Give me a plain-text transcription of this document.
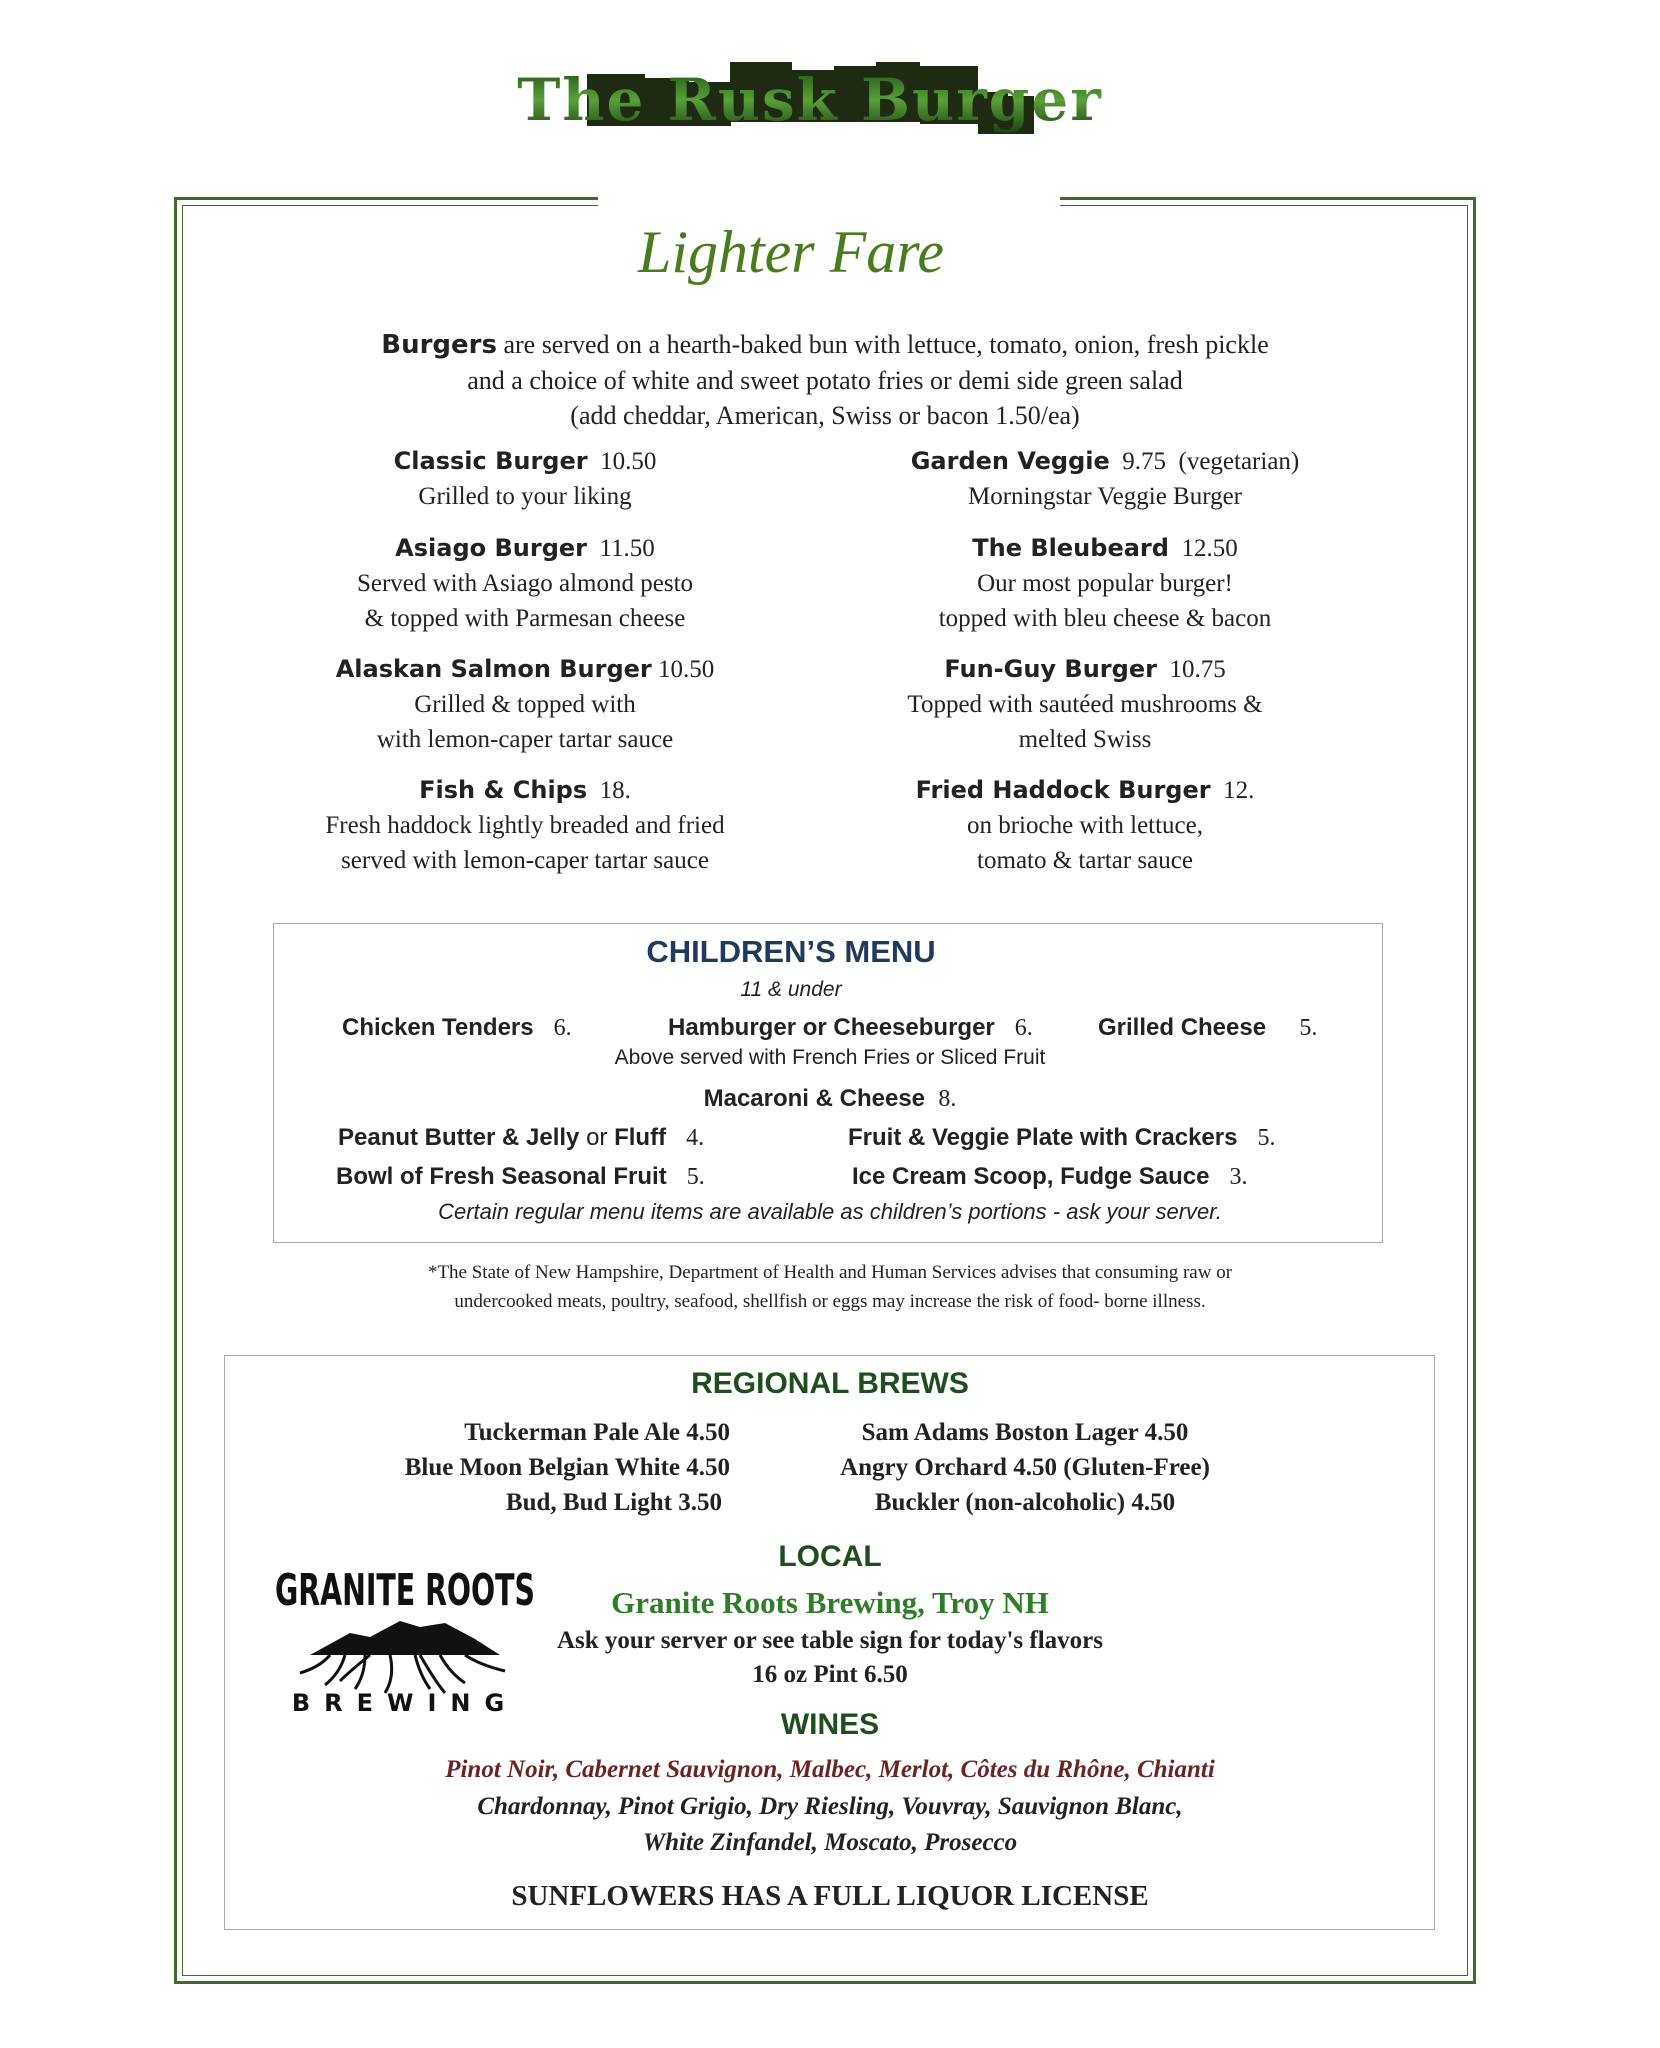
The Rusk Burger
Lighter Fare
Burgers are served on a hearth-baked bun with lettuce, tomato, onion, fresh pickle
and a choice of white and sweet potato fries or demi side green salad
(add cheddar, American, Swiss or bacon 1.50/ea)
Classic Burger 10.50
Grilled to your liking
Garden Veggie 9.75 (vegetarian)
Morningstar Veggie Burger
Asiago Burger 11.50
Served with Asiago almond pesto
& topped with Parmesan cheese
The Bleubeard 12.50
Our most popular burger!
topped with bleu cheese & bacon
Alaskan Salmon Burger 10.50
Grilled & topped with
with lemon-caper tartar sauce
Fun-Guy Burger 10.75
Topped with sautéed mushrooms &
melted Swiss
Fish & Chips 18.
Fresh haddock lightly breaded and fried
served with lemon-caper tartar sauce
Fried Haddock Burger 12.
on brioche with lettuce,
tomato & tartar sauce
CHILDREN’S MENU
11 & under
Chicken Tenders 6.	Hamburger or Cheeseburger 6.	Grilled Cheese 5.
Above served with French Fries or Sliced Fruit
Macaroni & Cheese 8.
Peanut Butter & Jelly or Fluff 4.	Fruit & Veggie Plate with Crackers 5.
Bowl of Fresh Seasonal Fruit 5.	Ice Cream Scoop, Fudge Sauce 3.
Certain regular menu items are available as children’s portions - ask your server.
*The State of New Hampshire, Department of Health and Human Services advises that consuming raw or
undercooked meats, poultry, seafood, shellfish or eggs may increase the risk of food- borne illness.
REGIONAL BREWS
Tuckerman Pale Ale 4.50
Blue Moon Belgian White 4.50
Bud, Bud Light 3.50
Sam Adams Boston Lager 4.50
Angry Orchard 4.50 (Gluten-Free)
Buckler (non-alcoholic) 4.50
GRANITE ROOTS
BREWING
LOCAL
Granite Roots Brewing, Troy NH
Ask your server or see table sign for today's flavors
16 oz Pint 6.50
WINES
Pinot Noir, Cabernet Sauvignon, Malbec, Merlot, Côtes du Rhône, Chianti
Chardonnay, Pinot Grigio, Dry Riesling, Vouvray, Sauvignon Blanc,
White Zinfandel, Moscato, Prosecco
SUNFLOWERS HAS A FULL LIQUOR LICENSE
